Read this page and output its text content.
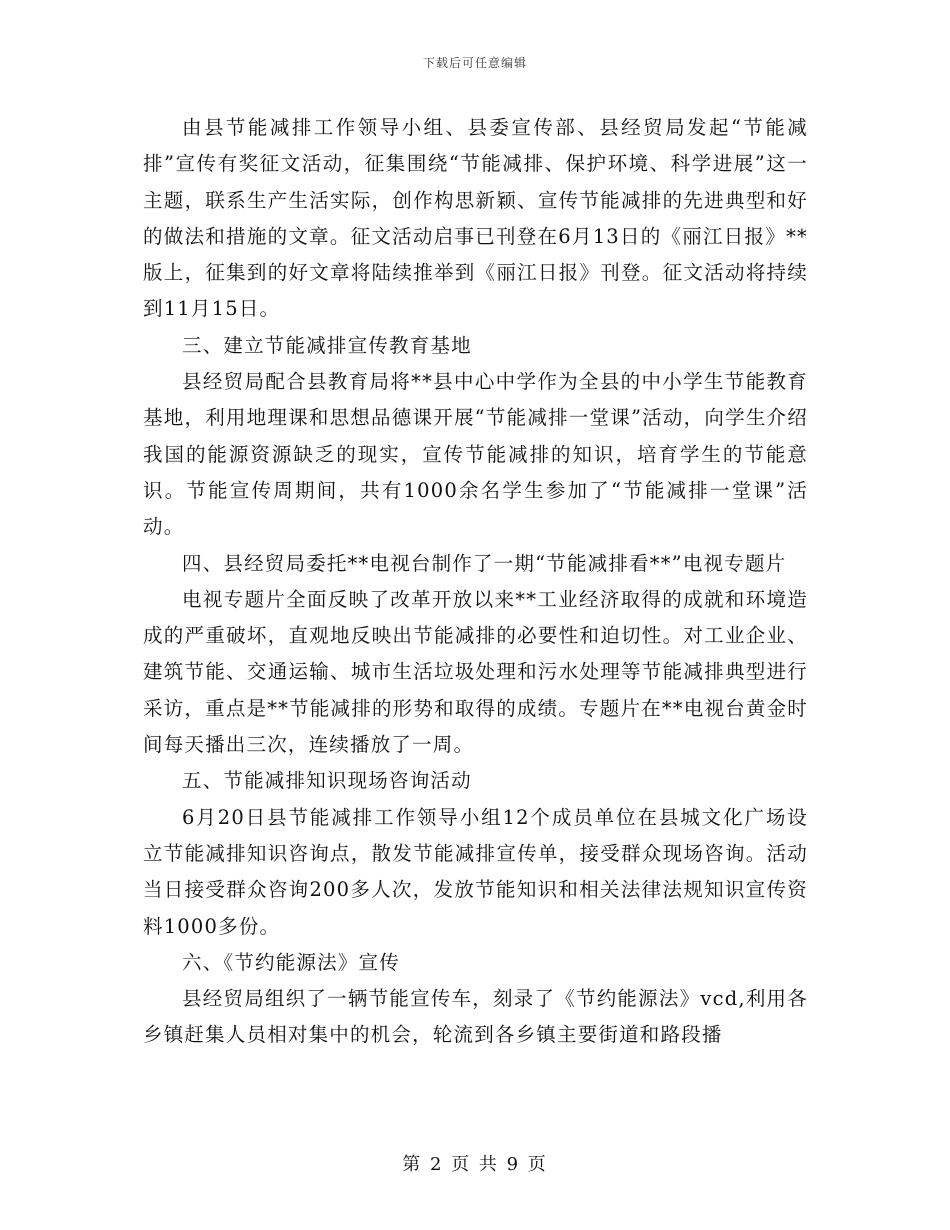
下载后可任意编辑

由县节能减排工作领导小组、县委宣传部、县经贸局发起“节能减排”宣传有奖征文活动，征集围绕“节能减排、保护环境、科学进展”这一主题，联系生产生活实际，创作构思新颖、宣传节能减排的先进典型和好的做法和措施的文章。征文活动启事已刊登在6月13日的《丽江日报》**版上，征集到的好文章将陆续推举到《丽江日报》刊登。征文活动将持续到11月15日。

三、建立节能减排宣传教育基地

县经贸局配合县教育局将**县中心中学作为全县的中小学生节能教育基地，利用地理课和思想品德课开展“节能减排一堂课”活动，向学生介绍我国的能源资源缺乏的现实，宣传节能减排的知识，培育学生的节能意识。节能宣传周期间，共有1000余名学生参加了“节能减排一堂课”活动。

四、县经贸局委托**电视台制作了一期“节能减排看**”电视专题片

电视专题片全面反映了改革开放以来**工业经济取得的成就和环境造成的严重破坏，直观地反映出节能减排的必要性和迫切性。对工业企业、建筑节能、交通运输、城市生活垃圾处理和污水处理等节能减排典型进行采访，重点是**节能减排的形势和取得的成绩。专题片在**电视台黄金时间每天播出三次，连续播放了一周。

五、节能减排知识现场咨询活动

6月20日县节能减排工作领导小组12个成员单位在县城文化广场设立节能减排知识咨询点，散发节能减排宣传单，接受群众现场咨询。活动当日接受群众咨询200多人次，发放节能知识和相关法律法规知识宣传资料1000多份。

六、《节约能源法》宣传

县经贸局组织了一辆节能宣传车，刻录了《节约能源法》vcd,利用各乡镇赶集人员相对集中的机会，轮流到各乡镇主要街道和路段播

第 2 页 共 9 页
